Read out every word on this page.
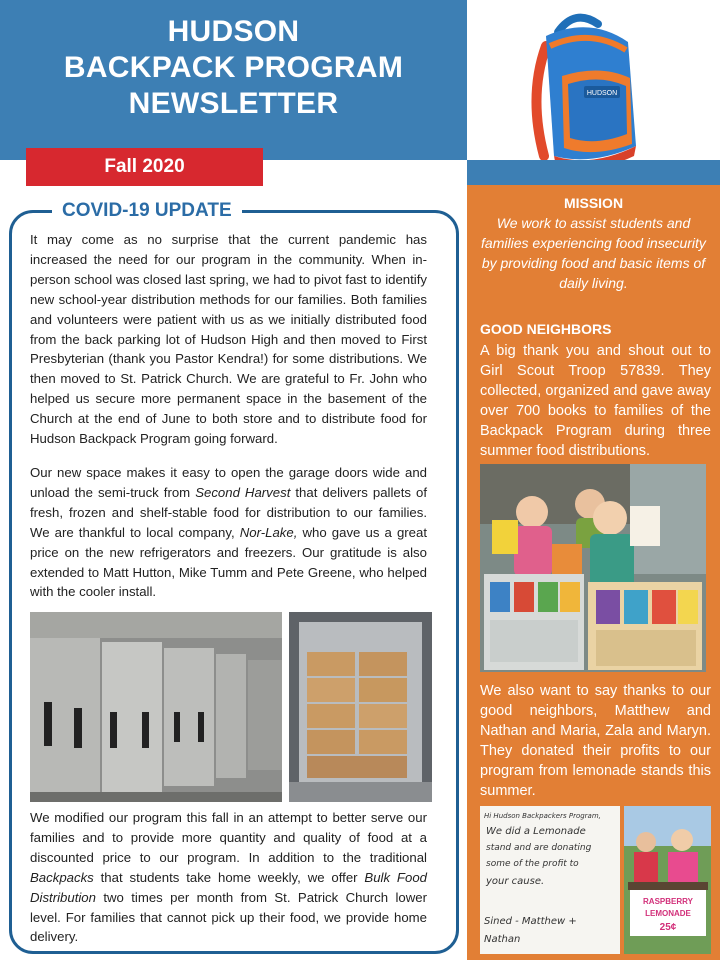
HUDSON
BACKPACK PROGRAM
NEWSLETTER
Fall 2020
HUDSON
MISSION
We work to assist students and families experiencing food insecurity by providing food and basic items of daily living.
GOOD NEIGHBORS
A big thank you and shout out to Girl Scout Troop 57839. They collected, organized and gave away over 700 books to families of the Backpack Program during three summer food distributions.
We also want to say thanks to our good neighbors, Matthew and Nathan and Maria, Zala and Maryn. They donated their profits to our program from lemonade stands this summer.
Hi Hudson Backpackers Program,
We did a Lemonade
stand and are donating
some of the profit to
your cause.
Sined - Matthew +
Nathan
RASPBERRY
LEMONADE
25¢
COVID-19 UPDATE
It may come as no surprise that the current pandemic has increased the need for our program in the community. When in-person school was closed last spring, we had to pivot fast to identify new school-year distribution methods for our families. Both families and volunteers were patient with us as we initially distributed food from the back parking lot of Hudson High and then moved to First Presbyterian (thank you Pastor Kendra!) for some distributions. We then moved to St. Patrick Church. We are grateful to Fr. John who helped us secure more permanent space in the basement of the Church at the end of June to both store and to distribute food for Hudson Backpack Program going forward.
Our new space makes it easy to open the garage doors wide and unload the semi-truck from Second Harvest that delivers pallets of fresh, frozen and shelf-stable food for distribution to our families. We are thankful to local company, Nor-Lake, who gave us a great price on the new refrigerators and freezers. Our gratitude is also extended to Matt Hutton, Mike Tumm and Pete Greene, who helped with the cooler install.
We modified our program this fall in an attempt to better serve our families and to provide more quantity and quality of food at a discounted price to our program. In addition to the traditional Backpacks that students take home weekly, we offer Bulk Food Distribution two times per month from St. Patrick Church lower level. For families that cannot pick up their food, we provide home delivery.
